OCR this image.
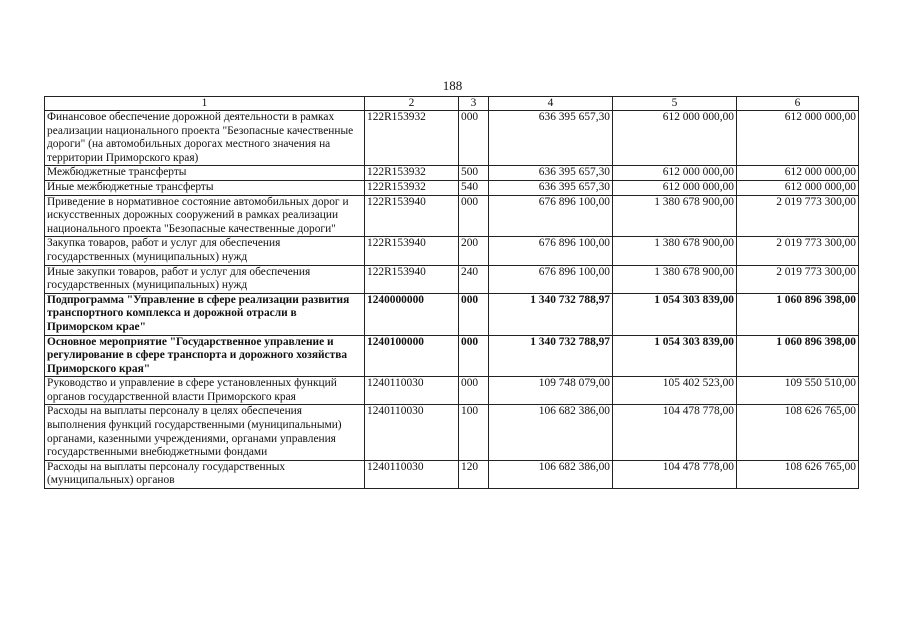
188
1	2	3	4	5	6
Финансовое обеспечение дорожной деятельности в рамках реализации национального проекта "Безопасные качественные дороги" (на автомобильных дорогах местного значения на территории Приморского края)	122R153932	000	636 395 657,30	612 000 000,00	612 000 000,00
Межбюджетные трансферты	122R153932	500	636 395 657,30	612 000 000,00	612 000 000,00
Иные межбюджетные трансферты	122R153932	540	636 395 657,30	612 000 000,00	612 000 000,00
Приведение в нормативное состояние автомобильных дорог и искусственных дорожных сооружений в рамках реализации национального проекта "Безопасные качественные дороги"	122R153940	000	676 896 100,00	1 380 678 900,00	2 019 773 300,00
Закупка товаров, работ и услуг для обеспечения государственных (муниципальных) нужд	122R153940	200	676 896 100,00	1 380 678 900,00	2 019 773 300,00
Иные закупки товаров, работ и услуг для обеспечения государственных (муниципальных) нужд	122R153940	240	676 896 100,00	1 380 678 900,00	2 019 773 300,00
Подпрограмма "Управление в сфере реализации развития транспортного комплекса и дорожной отрасли в Приморском крае"	1240000000	000	1 340 732 788,97	1 054 303 839,00	1 060 896 398,00
Основное мероприятие "Государственное управление и регулирование в сфере транспорта и дорожного хозяйства Приморского края"	1240100000	000	1 340 732 788,97	1 054 303 839,00	1 060 896 398,00
Руководство и управление в сфере установленных функций органов государственной власти Приморского края	1240110030	000	109 748 079,00	105 402 523,00	109 550 510,00
Расходы на выплаты персоналу в целях обеспечения выполнения функций государственными (муниципальными) органами, казенными учреждениями, органами управления государственными внебюджетными фондами	1240110030	100	106 682 386,00	104 478 778,00	108 626 765,00
Расходы на выплаты персоналу государственных (муниципальных) органов	1240110030	120	106 682 386,00	104 478 778,00	108 626 765,00
